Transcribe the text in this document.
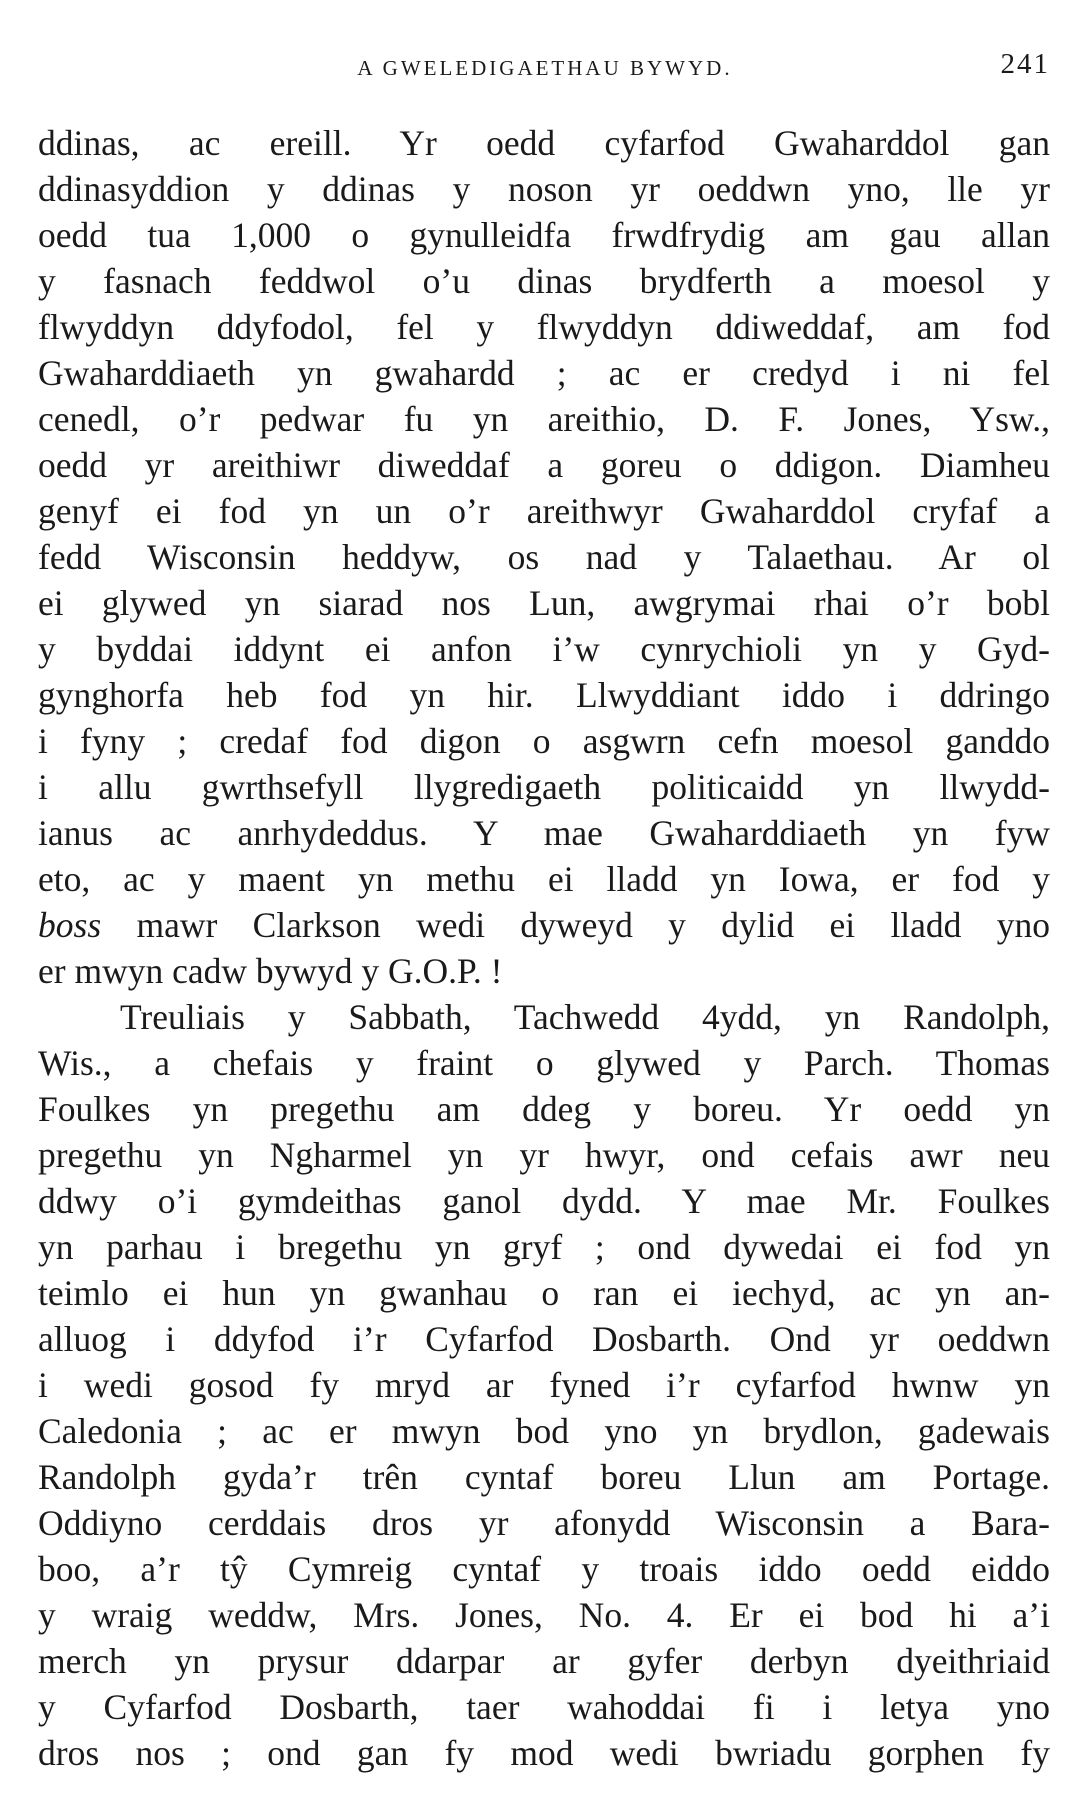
A GWELEDIGAETHAU BYWYD.	241
ddinas, ac ereill. Yr oedd cyfarfod Gwaharddol gan
ddinasyddion y ddinas y noson yr oeddwn yno, lle yr
oedd tua 1,000 o gynulleidfa frwdfrydig am gau allan
y fasnach feddwol o’u dinas brydferth a moesol y
flwyddyn ddyfodol, fel y flwyddyn ddiweddaf, am fod
Gwaharddiaeth yn gwahardd ; ac er credyd i ni fel
cenedl, o’r pedwar fu yn areithio, D. F. Jones, Ysw.,
oedd yr areithiwr diweddaf a goreu o ddigon. Diamheu
genyf ei fod yn un o’r areithwyr Gwaharddol cryfaf a
fedd Wisconsin heddyw, os nad y Talaethau. Ar ol
ei glywed yn siarad nos Lun, awgrymai rhai o’r bobl
y byddai iddynt ei anfon i’w cynrychioli yn y Gyd-
gynghorfa heb fod yn hir. Llwyddiant iddo i ddringo
i fyny ; credaf fod digon o asgwrn cefn moesol ganddo
i allu gwrthsefyll llygredigaeth politicaidd yn llwydd-
ianus ac anrhydeddus. Y mae Gwaharddiaeth yn fyw
eto, ac y maent yn methu ei lladd yn Iowa, er fod y
boss mawr Clarkson wedi dyweyd y dylid ei lladd yno
er mwyn cadw bywyd y G.O.P. !
Treuliais y Sabbath, Tachwedd 4ydd, yn Randolph,
Wis., a chefais y fraint o glywed y Parch. Thomas
Foulkes yn pregethu am ddeg y boreu. Yr oedd yn
pregethu yn Ngharmel yn yr hwyr, ond cefais awr neu
ddwy o’i gymdeithas ganol dydd. Y mae Mr. Foulkes
yn parhau i bregethu yn gryf ; ond dywedai ei fod yn
teimlo ei hun yn gwanhau o ran ei iechyd, ac yn an-
alluog i ddyfod i’r Cyfarfod Dosbarth. Ond yr oeddwn
i wedi gosod fy mryd ar fyned i’r cyfarfod hwnw yn
Caledonia ; ac er mwyn bod yno yn brydlon, gadewais
Randolph gyda’r trên cyntaf boreu Llun am Portage.
Oddiyno cerddais dros yr afonydd Wisconsin a Bara-
boo, a’r tŷ Cymreig cyntaf y troais iddo oedd eiddo
y wraig weddw, Mrs. Jones, No. 4. Er ei bod hi a’i
merch yn prysur ddarpar ar gyfer derbyn dyeithriaid
y Cyfarfod Dosbarth, taer wahoddai fi i letya yno
dros nos ; ond gan fy mod wedi bwriadu gorphen fy
